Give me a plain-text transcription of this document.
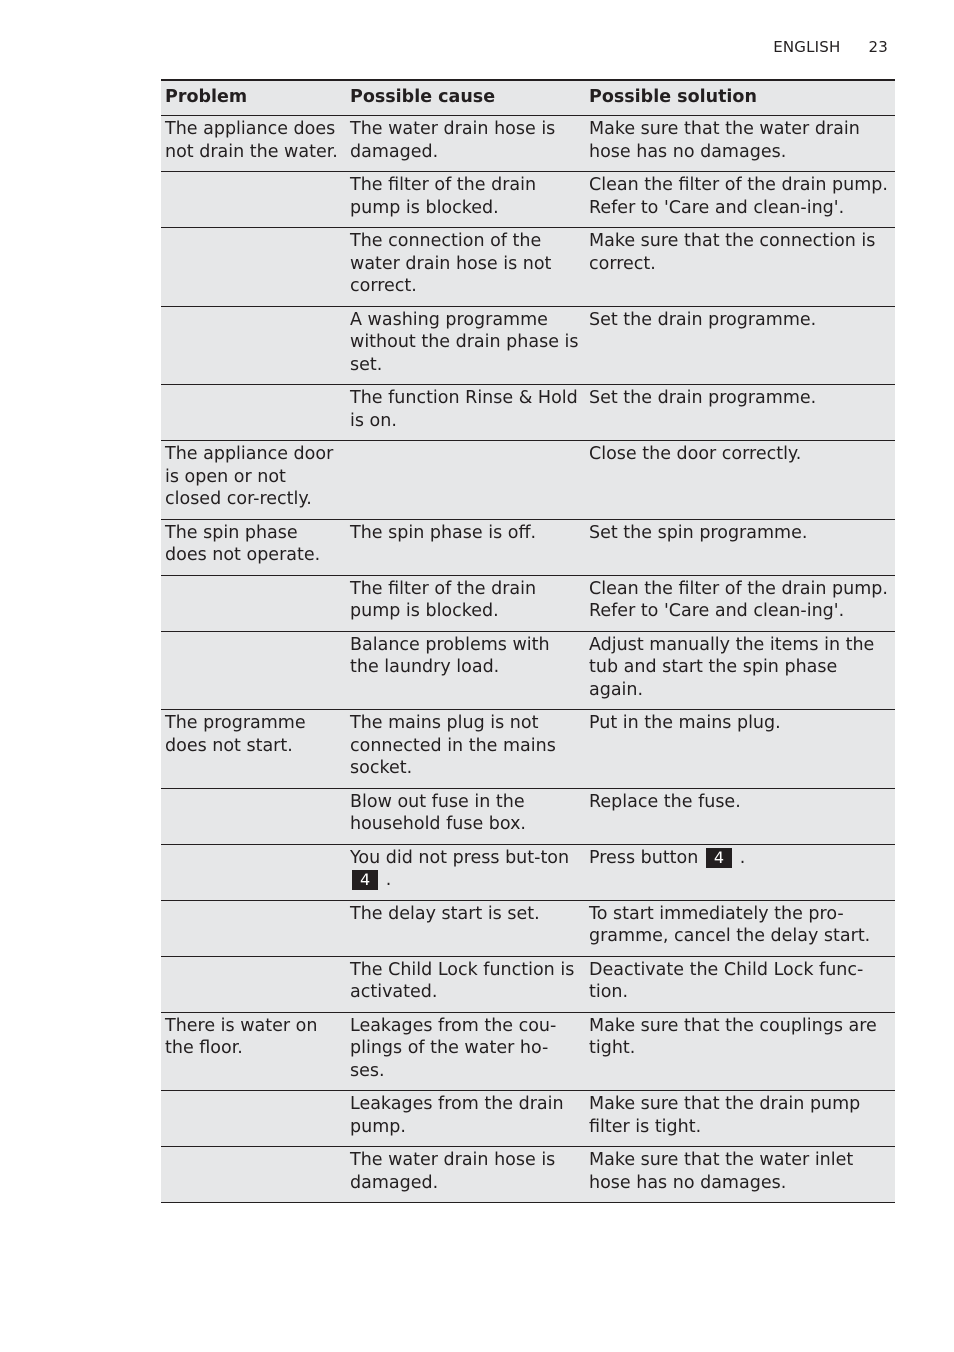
ENGLISH 23
Problem	Possible cause	Possible solution
The appliance does not drain the water.	The water drain hose is damaged.	Make sure that the water drain hose has no damages.
	The filter of the drain pump is blocked.	Clean the filter of the drain pump. Refer to 'Care and clean-ing'.
	The connection of the water drain hose is not correct.	Make sure that the connection is correct.
	A washing programme without the drain phase is set.	Set the drain programme.
	The function Rinse & Hold is on.	Set the drain programme.
The appliance door is open or not closed cor-rectly.		Close the door correctly.
The spin phase does not operate.	The spin phase is off.	Set the spin programme.
	The filter of the drain pump is blocked.	Clean the filter of the drain pump. Refer to 'Care and clean-ing'.
	Balance problems with the laundry load.	Adjust manually the items in the tub and start the spin phase again.
The programme does not start.	The mains plug is not connected in the mains socket.	Put in the mains plug.
	Blow out fuse in the household fuse box.	Replace the fuse.
	You did not press but-ton 4 .	Press button 4 .
	The delay start is set.	To start immediately the pro-gramme, cancel the delay start.
	The Child Lock function is activated.	Deactivate the Child Lock func-tion.
There is water on the floor.	Leakages from the cou-plings of the water ho-ses.	Make sure that the couplings are tight.
	Leakages from the drain pump.	Make sure that the drain pump filter is tight.
	The water drain hose is damaged.	Make sure that the water inlet hose has no damages.
